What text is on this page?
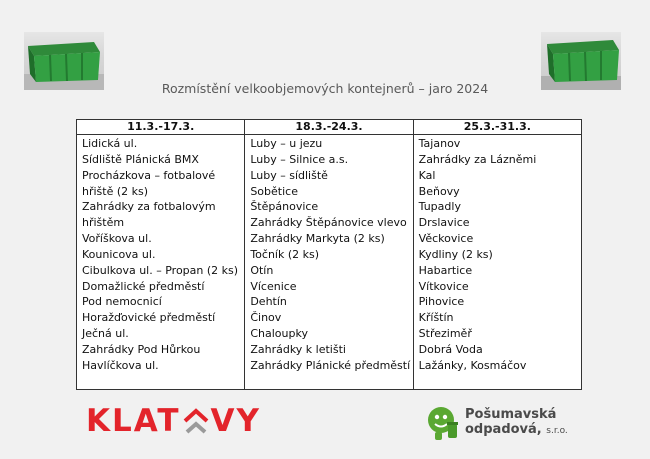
Rozmístění velkoobjemových kontejnerů – jaro 2024
11.3.-17.3.
Lidická ul.
Sídliště Plánická BMX
Procházkova – fotbalové
hřiště (2 ks)
Zahrádky za fotbalovým
hřištěm
Voříškova ul.
Kounicova ul.
Cibulkova ul. – Propan (2 ks)
Domažlické předměstí
Pod nemocnicí
Horažďovické předměstí
Ječná ul.
Zahrádky Pod Hůrkou
Havlíčkova ul.
18.3.-24.3.
Luby – u jezu
Luby – Silnice a.s.
Luby – sídliště
Sobětice
Štěpánovice
Zahrádky Štěpánovice vlevo
Zahrádky Markyta (2 ks)
Točník (2 ks)
Otín
Vícenice
Dehtín
Činov
Chaloupky
Zahrádky k letišti
Zahrádky Plánické předměstí
25.3.-31.3.
Tajanov
Zahrádky za Lázněmi
Kal
Beňovy
Tupadly
Drslavice
Věckovice
Kydliny (2 ks)
Habartice
Vítkovice
Pihovice
Kříštín
Střeziměř
Dobrá Voda
Lažánky, Kosmáčov
KLAT VY	Pošumavská
odpadová, s.r.o.
